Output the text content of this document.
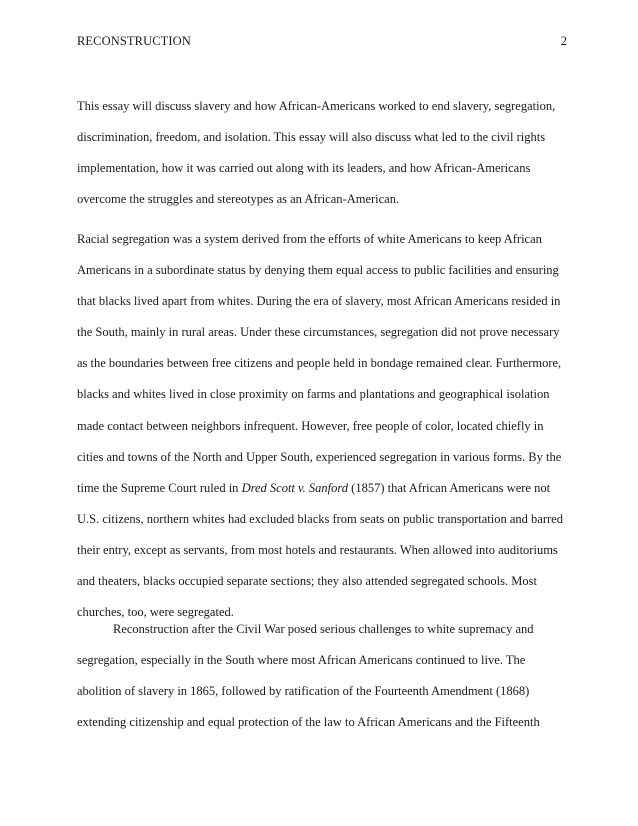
RECONSTRUCTION	2

This essay will discuss slavery and how African-Americans worked to end slavery, segregation,
discrimination, freedom, and isolation. This essay will also discuss what led to the civil rights
implementation, how it was carried out along with its leaders, and how African-Americans
overcome the struggles and stereotypes as an African-American.

Racial segregation was a system derived from the efforts of white Americans to keep African
Americans in a subordinate status by denying them equal access to public facilities and ensuring
that blacks lived apart from whites. During the era of slavery, most African Americans resided in
the South, mainly in rural areas. Under these circumstances, segregation did not prove necessary
as the boundaries between free citizens and people held in bondage remained clear. Furthermore,
blacks and whites lived in close proximity on farms and plantations and geographical isolation
made contact between neighbors infrequent. However, free people of color, located chiefly in
cities and towns of the North and Upper South, experienced segregation in various forms. By the
time the Supreme Court ruled in Dred Scott v. Sanford (1857) that African Americans were not
U.S. citizens, northern whites had excluded blacks from seats on public transportation and barred
their entry, except as servants, from most hotels and restaurants. When allowed into auditoriums
and theaters, blacks occupied separate sections; they also attended segregated schools. Most
churches, too, were segregated.

Reconstruction after the Civil War posed serious challenges to white supremacy and
segregation, especially in the South where most African Americans continued to live. The
abolition of slavery in 1865, followed by ratification of the Fourteenth Amendment (1868)
extending citizenship and equal protection of the law to African Americans and the Fifteenth
